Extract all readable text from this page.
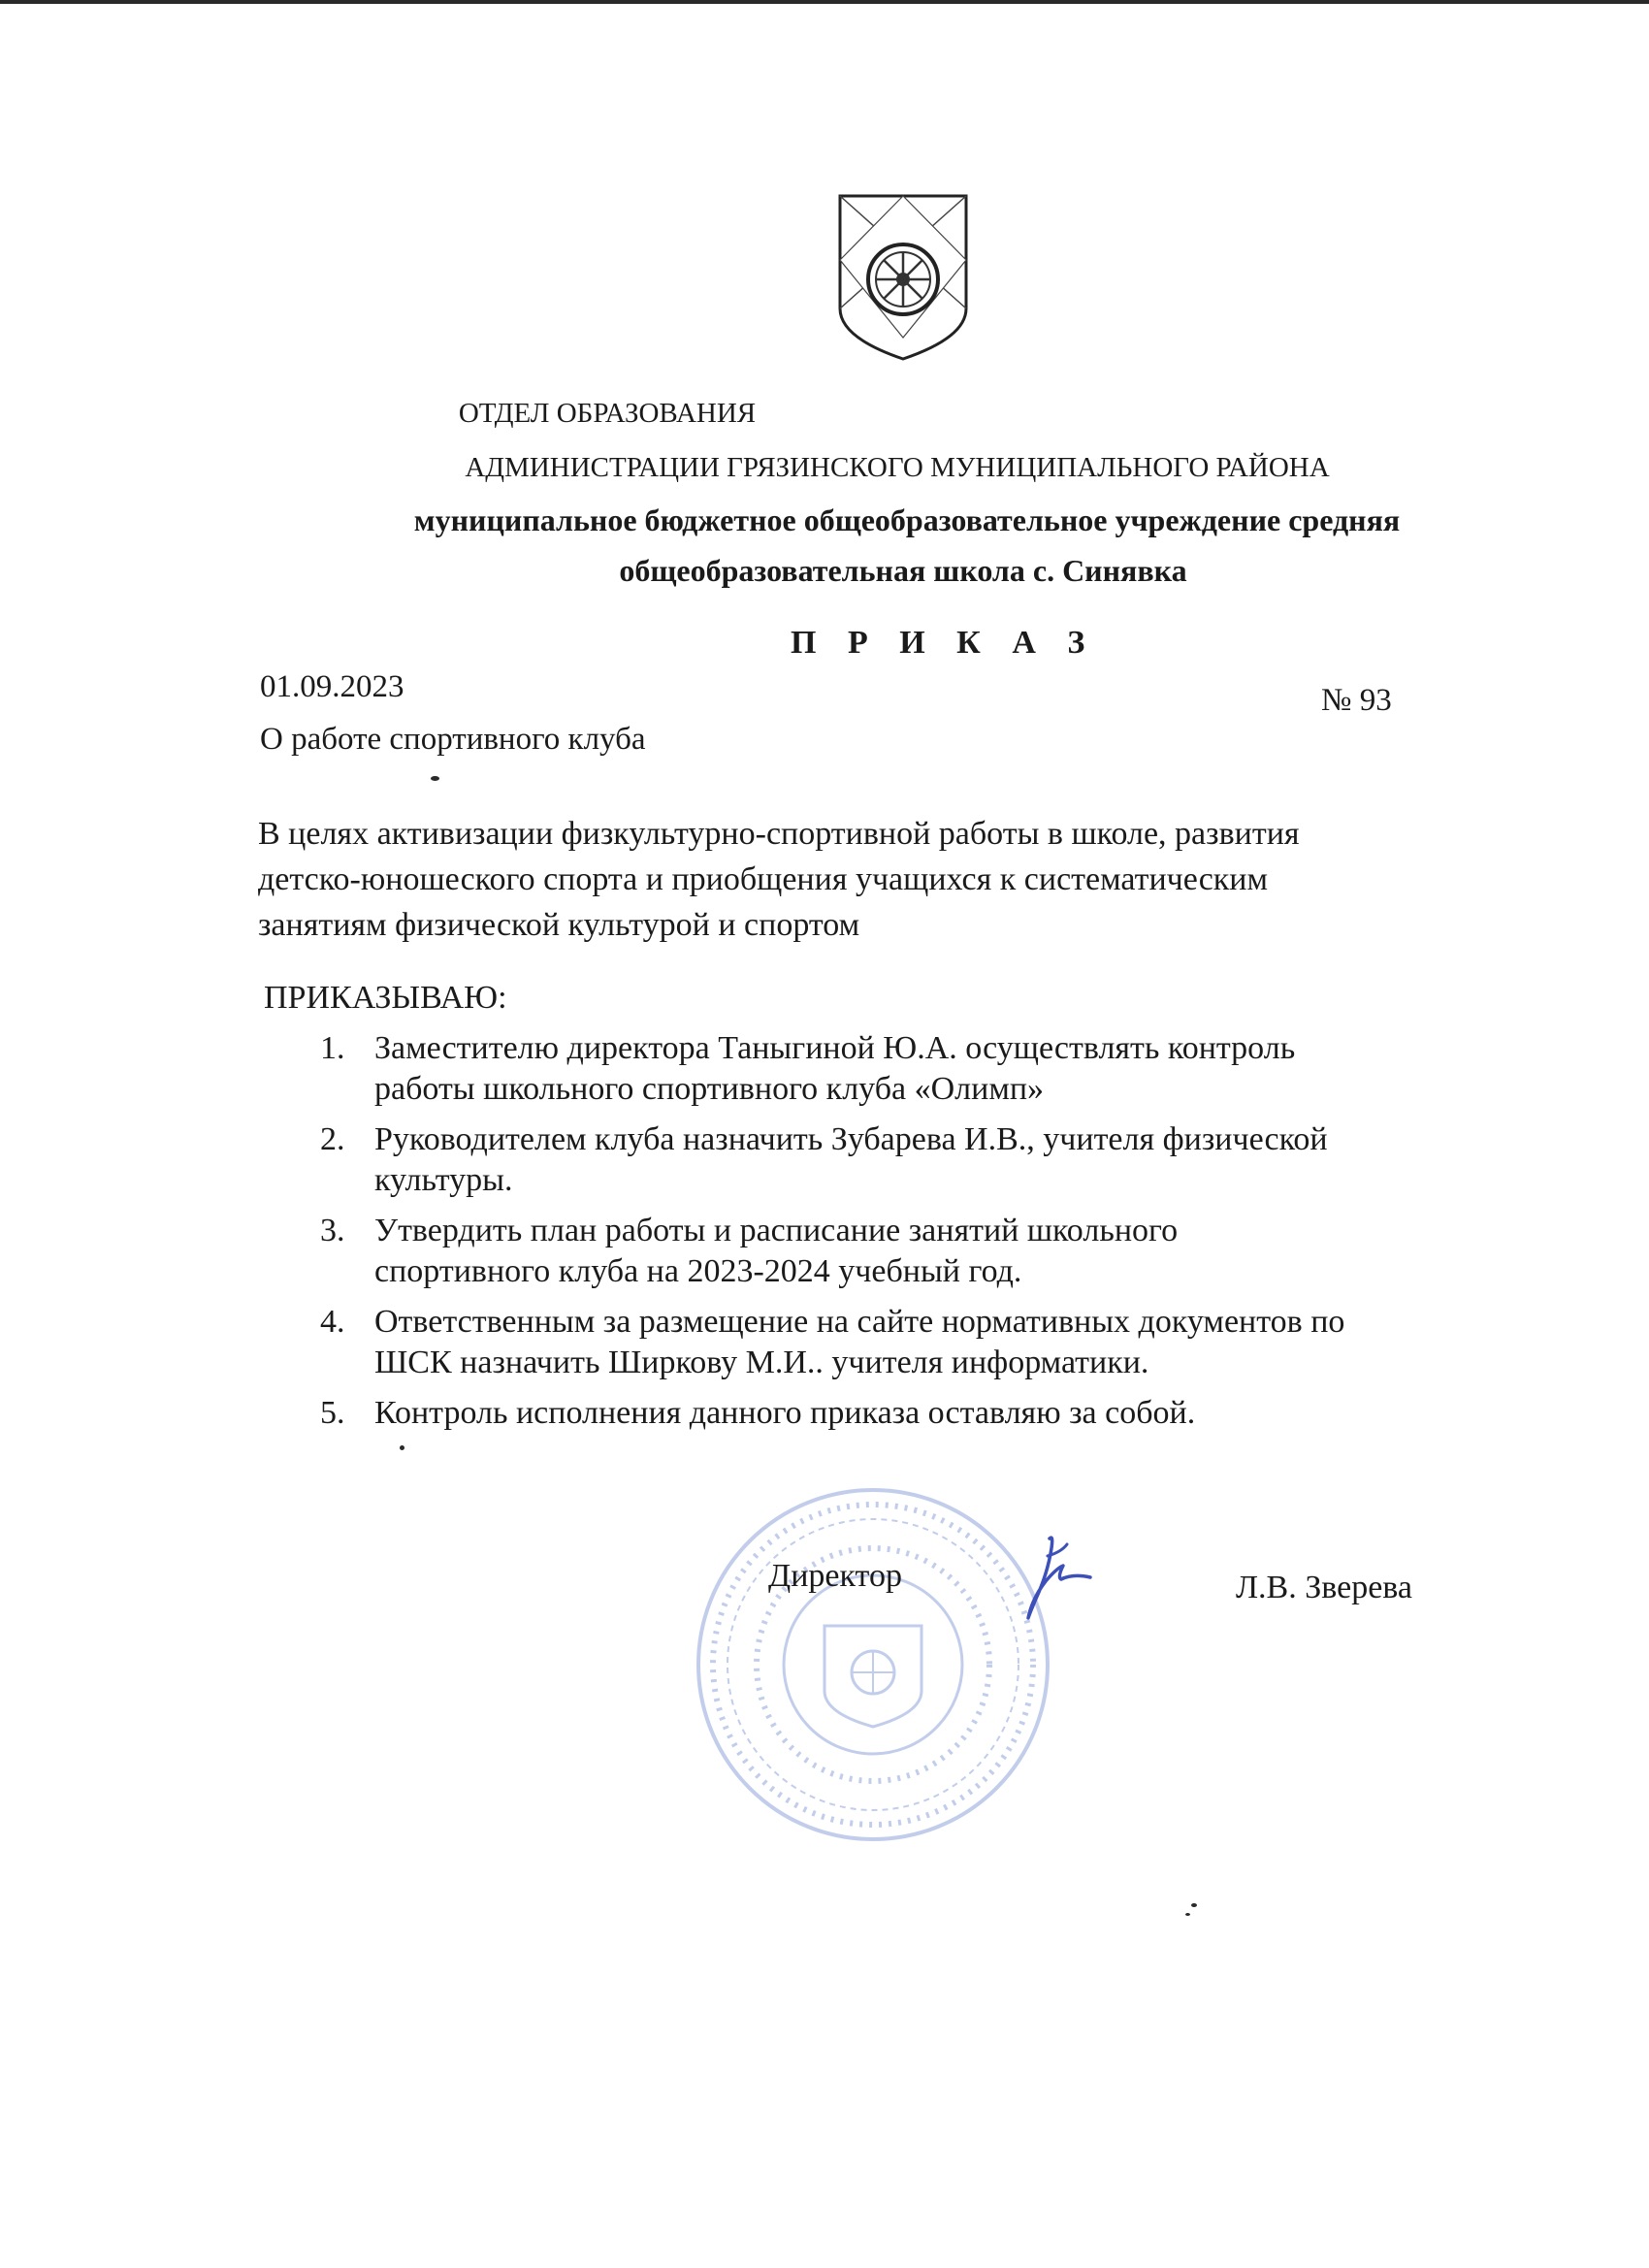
ОТДЕЛ ОБРАЗОВАНИЯ
АДМИНИСТРАЦИИ ГРЯЗИНСКОГО МУНИЦИПАЛЬНОГО РАЙОНА
муниципальное бюджетное общеобразовательное учреждение средняя
общеобразовательная школа с. Синявка
П Р И К А З
01.09.2023	№ 93
О работе спортивного клуба
В целях активизации физкультурно-спортивной работы в школе, развития
детско-юношеского спорта и приобщения учащихся к систематическим
занятиям физической культурой и спортом
ПРИКАЗЫВАЮ:
1. Заместителю директора Таныгиной Ю.А. осуществлять контроль
работы школьного спортивного клуба «Олимп»
2. Руководителем клуба назначить Зубарева И.В., учителя физической
культуры.
3. Утвердить план работы и расписание занятий школьного
спортивного клуба на 2023-2024 учебный год.
4. Ответственным за размещение на сайте нормативных документов по
ШСК назначить Ширкову М.И.. учителя информатики.
5. Контроль исполнения данного приказа оставляю за собой.
Директор	Л.В. Зверева
